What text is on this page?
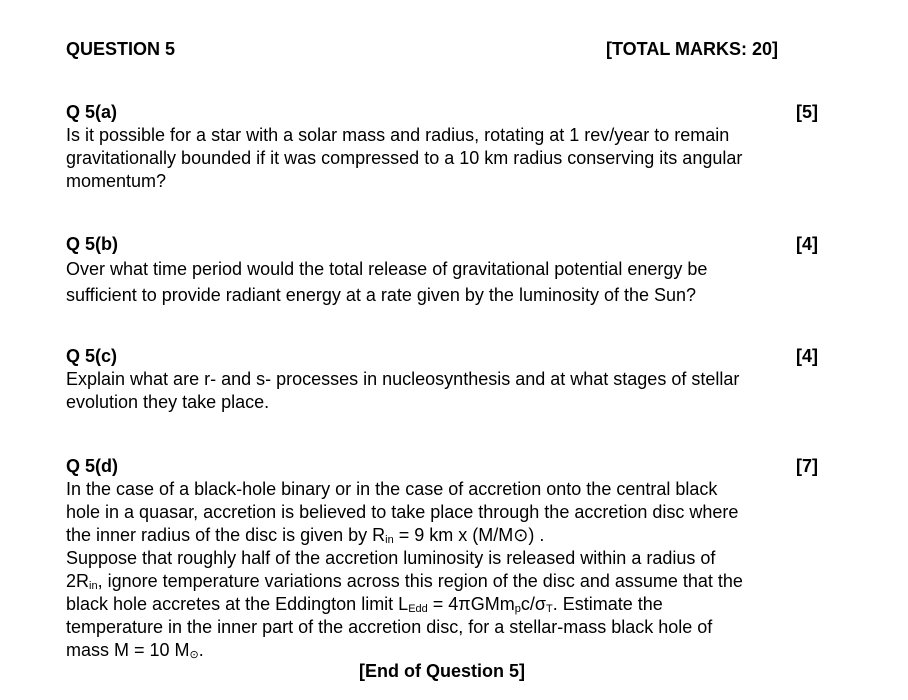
QUESTION 5	[TOTAL MARKS: 20]
Q 5(a)	[5]
Is it possible for a star with a solar mass and radius, rotating at 1 rev/year to remain
gravitationally bounded if it was compressed to a 10 km radius conserving its angular
momentum?
Q 5(b)	[4]
Over what time period would the total release of gravitational potential energy be
sufficient to provide radiant energy at a rate given by the luminosity of the Sun?
Q 5(c)	[4]
Explain what are r- and s- processes in nucleosynthesis and at what stages of stellar
evolution they take place.
Q 5(d)	[7]
In the case of a black-hole binary or in the case of accretion onto the central black
hole in a quasar, accretion is believed to take place through the accretion disc where
the inner radius of the disc is given by $R_{in} = 9$ km x (M/M⊙) .
Suppose that roughly half of the accretion luminosity is released within a radius of
$2R_{in}$, ignore temperature variations across this region of the disc and assume that the
black hole accretes at the Eddington limit $L_{Edd} = 4\pi GMm_pc/\sigma_T$. Estimate the
temperature in the inner part of the accretion disc, for a stellar-mass black hole of
mass M = 10 $M_⊙$.
[End of Question 5]
